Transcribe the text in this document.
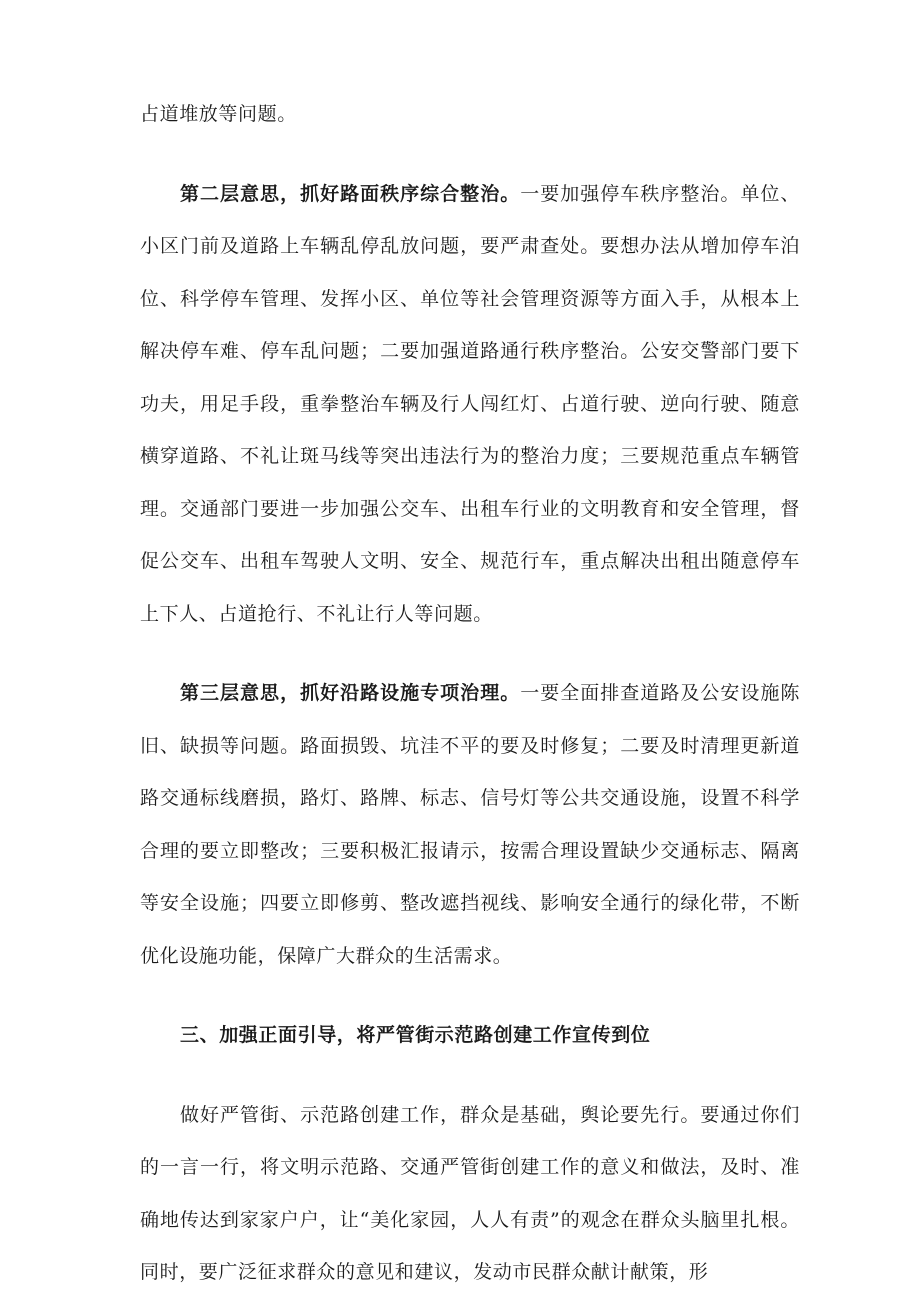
占道堆放等问题。

第二层意思，抓好路面秩序综合整治。一要加强停车秩序整治。单位、小区门前及道路上车辆乱停乱放问题，要严肃查处。要想办法从增加停车泊位、科学停车管理、发挥小区、单位等社会管理资源等方面入手，从根本上解决停车难、停车乱问题；二要加强道路通行秩序整治。公安交警部门要下功夫，用足手段，重拳整治车辆及行人闯红灯、占道行驶、逆向行驶、随意横穿道路、不礼让斑马线等突出违法行为的整治力度；三要规范重点车辆管理。交通部门要进一步加强公交车、出租车行业的文明教育和安全管理，督促公交车、出租车驾驶人文明、安全、规范行车，重点解决出租出随意停车上下人、占道抢行、不礼让行人等问题。

第三层意思，抓好沿路设施专项治理。一要全面排查道路及公安设施陈旧、缺损等问题。路面损毁、坑洼不平的要及时修复；二要及时清理更新道路交通标线磨损，路灯、路牌、标志、信号灯等公共交通设施，设置不科学合理的要立即整改；三要积极汇报请示，按需合理设置缺少交通标志、隔离等安全设施；四要立即修剪、整改遮挡视线、影响安全通行的绿化带，不断优化设施功能，保障广大群众的生活需求。

三、加强正面引导，将严管街示范路创建工作宣传到位

做好严管街、示范路创建工作，群众是基础，舆论要先行。要通过你们的一言一行，将文明示范路、交通严管街创建工作的意义和做法，及时、准确地传达到家家户户，让“美化家园，人人有责”的观念在群众头脑里扎根。同时，要广泛征求群众的意见和建议，发动市民群众献计献策，形
